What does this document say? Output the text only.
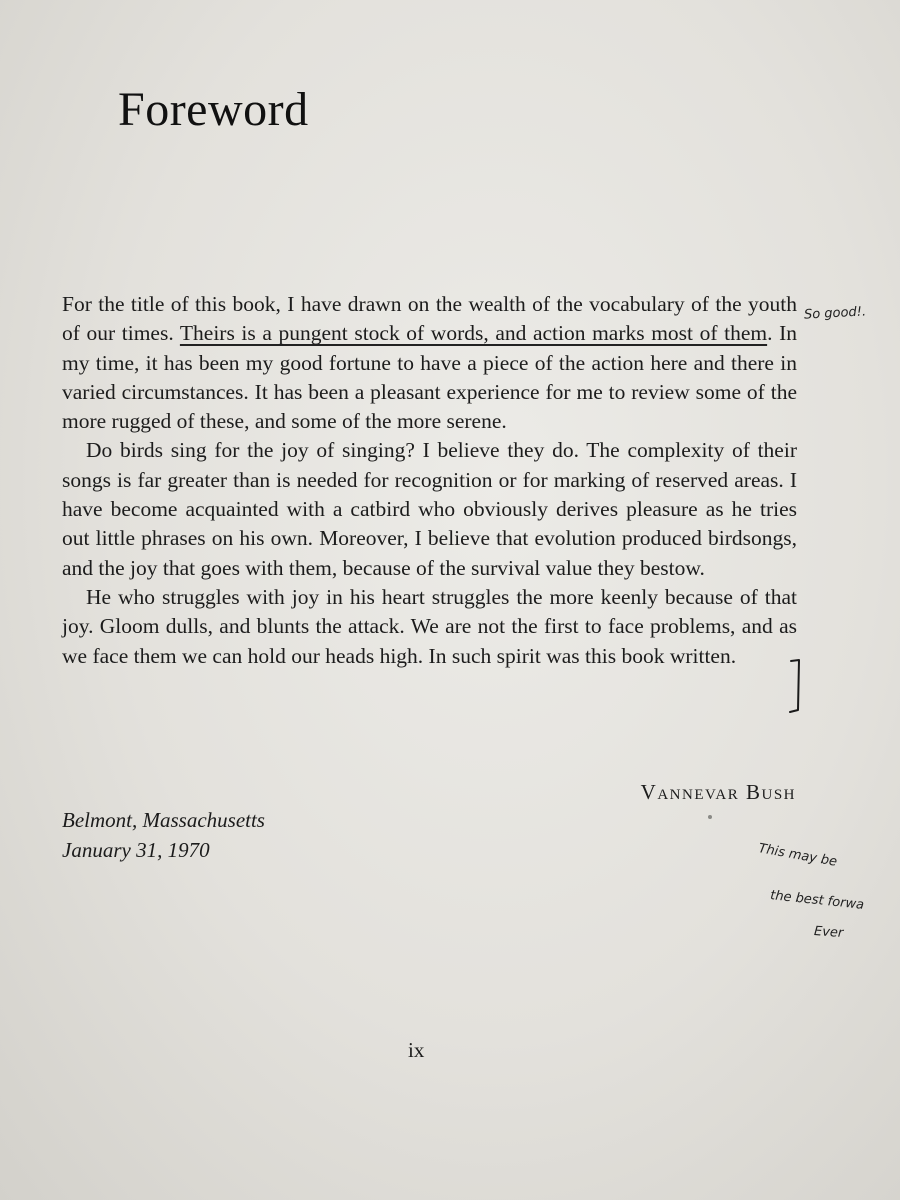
Foreword

For the title of this book, I have drawn on the wealth of the vocabulary of the youth of our times. Theirs is a pungent stock of words, and action marks most of them. In my time, it has been my good fortune to have a piece of the action here and there in varied circumstances. It has been a pleasant experience for me to review some of the more rugged of these, and some of the more serene.

Do birds sing for the joy of singing? I believe they do. The complexity of their songs is far greater than is needed for recognition or for marking of reserved areas. I have become acquainted with a catbird who obviously derives pleasure as he tries out little phrases on his own. Moreover, I believe that evolution produced birdsongs, and the joy that goes with them, because of the survival value they bestow.

He who struggles with joy in his heart struggles the more keenly because of that joy. Gloom dulls, and blunts the attack. We are not the first to face problems, and as we face them we can hold our heads high. In such spirit was this book written.

Vannevar Bush
Belmont, Massachusetts
January 31, 1970
ix
So good!.
This may be
the best forwa
Ever
